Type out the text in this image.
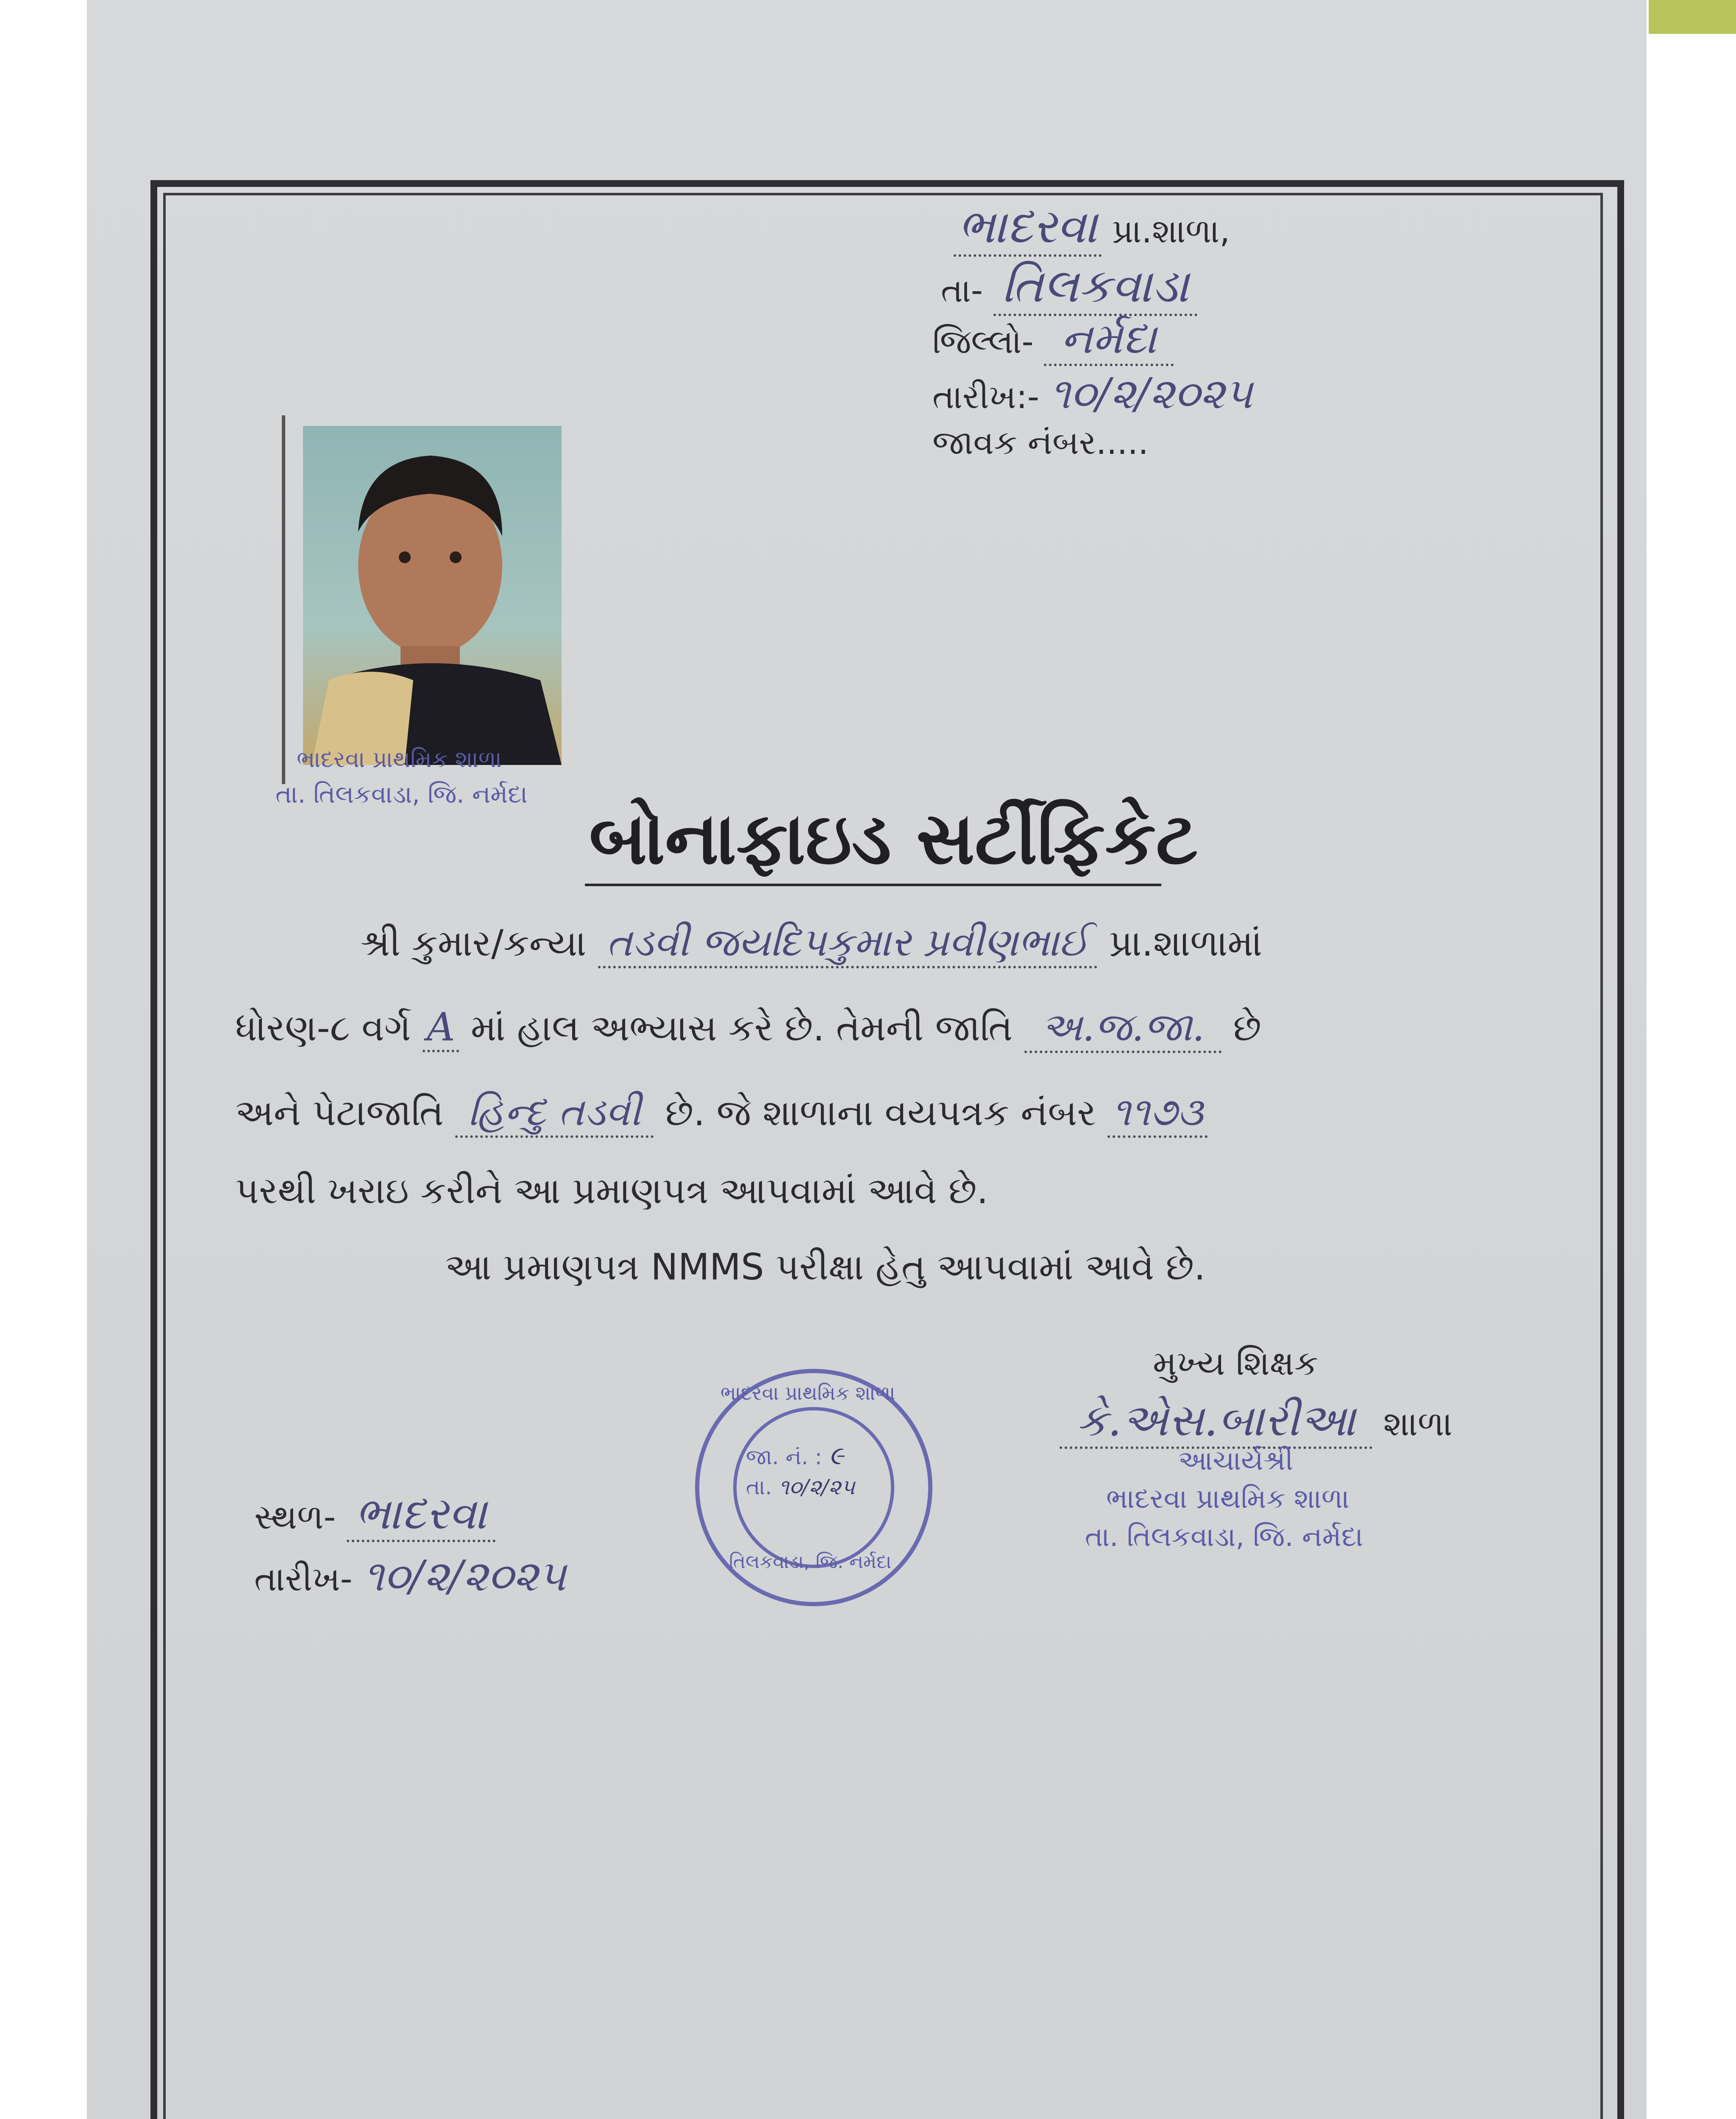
ભાદરવા પ્રા.શાળા,
તા- તિલકવાડા
જિલ્લો- નર્મદા
તારીખ:- ૧૦/૨/૨૦૨૫
જાવક નંબર.....
ભાદરવા પ્રાથમિક શાળા
તા. તિલકવાડા, જિ. નર્મદા
બોનાફાઇડ સર્ટીફિકેટ
શ્રી કુમાર/કન્યા તડવી જયદિપકુમાર પ્રવીણભાઈ પ્રા.શાળામાં
ધોરણ-૮ વર્ગ A માં હાલ અભ્યાસ કરે છે. તેમની જાતિ અ.જ.જા. છે
અને પેટાજાતિ હિન્દુ તડવી છે. જે શાળાના વયપત્રક નંબર ૧૧૭૩
પરથી ખરાઇ કરીને આ પ્રમાણપત્ર આપવામાં આવે છે.
આ પ્રમાણપત્ર NMMS પરીક્ષા હેતુ આપવામાં આવે છે.
ભાદરવા પ્રાથમિક શાળા
જા. નં. : ૯
તા. ૧૦/૨/૨૫
તિલકવાડા, જિ. નર્મદા
સ્થળ- ભાદરવા
તારીખ- ૧૦/૨/૨૦૨૫
મુખ્ય શિક્ષક
કે.એસ.બારીઆ શાળા
આચાર્યશ્રી
ભાદરવા પ્રાથમિક શાળા
તા. તિલકવાડા, જિ. નર્મદા
